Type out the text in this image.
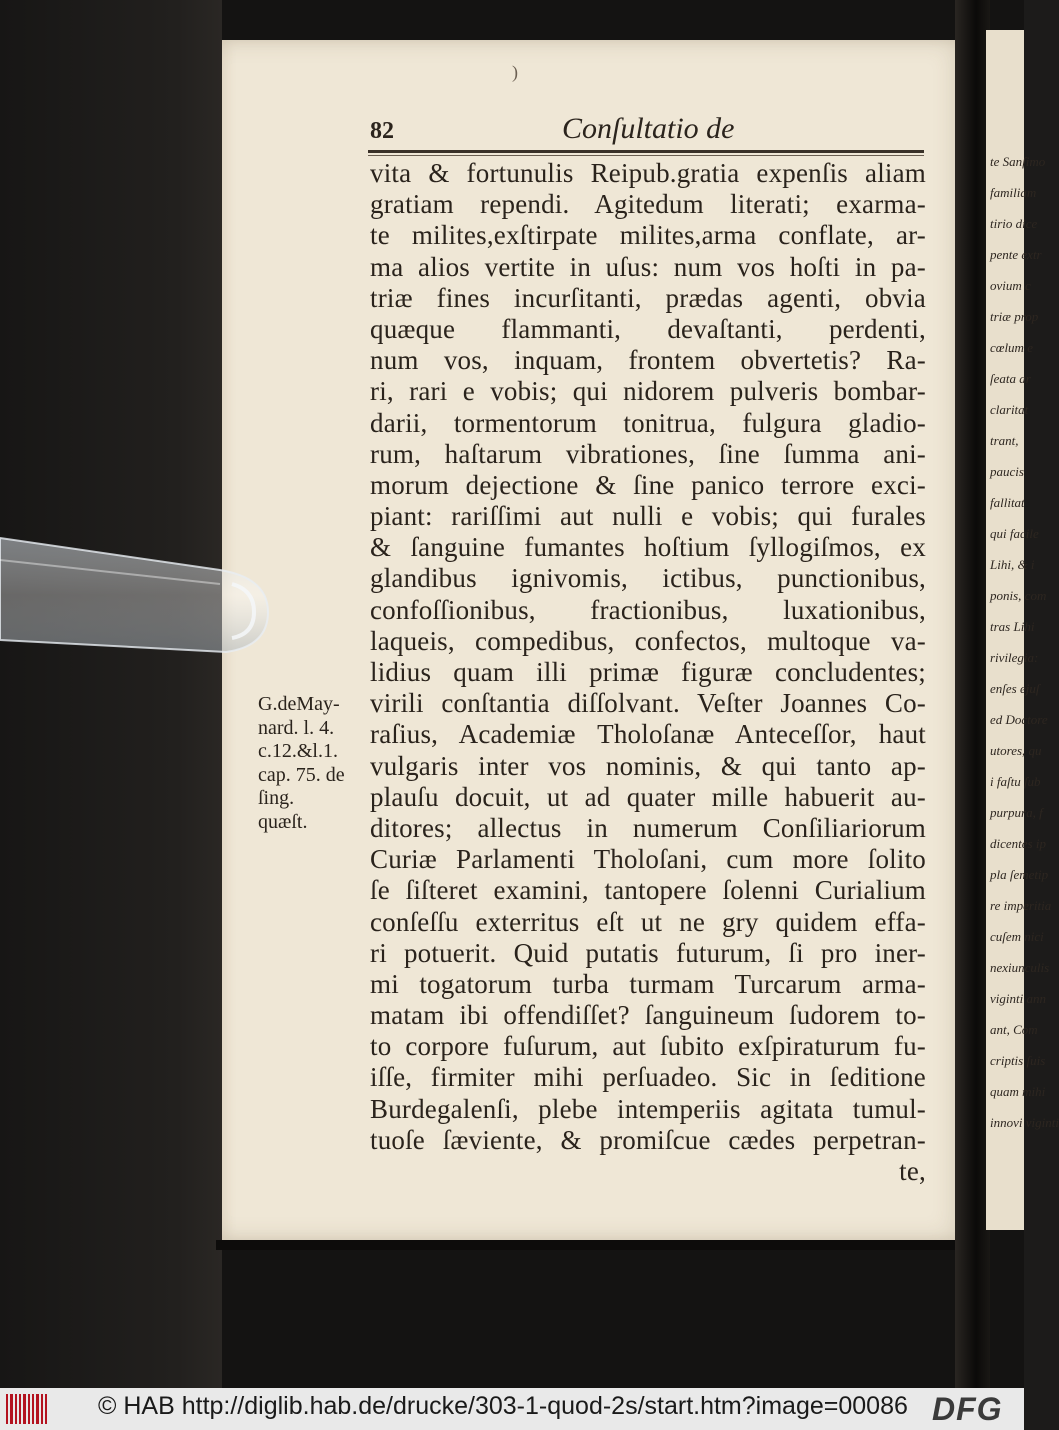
te Sanſimo
familiam
tirio dice
pente extr
ovium c
triæ prop
cœlum e
ſeata ar
claritat
trant,
paucis
fallitat
qui facile
Lihi, & i
ponis, com
tras Lihi
rivilegia:
enſes ejuſ
ed Doctore
utores, qu
i faſtu ſub
purpura, f
dicentes ip
pla ſemetip
re imperitia
cuſem nici
nexiunculis
viginti ann
ant, Com
criptis ſuis
quam mihi
innovi viginti
)
82	Conſultatio de
vita & fortunulis Reipub.gratia expenſis aliam
gratiam rependi. Agitedum literati; exarma-
te milites,exſtirpate milites,arma conflate, ar-
ma alios vertite in uſus: num vos hoſti in pa-
triæ fines incurſitanti, prædas agenti, obvia
quæque flammanti, devaſtanti, perdenti,
num vos, inquam, frontem obvertetis? Ra-
ri, rari e vobis; qui nidorem pulveris bombar-
darii, tormentorum tonitrua, fulgura gladio-
rum, haſtarum vibrationes, ſine ſumma ani-
morum dejectione & ſine panico terrore exci-
piant: rariſſimi aut nulli e vobis; qui furales
& ſanguine fumantes hoſtium ſyllogiſmos, ex
glandibus ignivomis, ictibus, punctionibus,
confoſſionibus, fractionibus, luxationibus,
laqueis, compedibus, confectos, multoque va-
lidius quam illi primæ figuræ concludentes;
virili conſtantia diſſolvant. Veſter Joannes Co-
raſius, Academiæ Tholoſanæ Anteceſſor, haut
vulgaris inter vos nominis, & qui tanto ap-
plauſu docuit, ut ad quater mille habuerit au-
ditores; allectus in numerum Conſiliariorum
Curiæ Parlamenti Tholoſani, cum more ſolito
ſe ſiſteret examini, tantopere ſolenni Curialium
conſeſſu exterritus eſt ut ne gry quidem effa-
ri potuerit. Quid putatis futurum, ſi pro iner-
mi togatorum turba turmam Turcarum arma-
matam ibi offendiſſet? ſanguineum ſudorem to-
to corpore fuſurum, aut ſubito exſpiraturum fu-
iſſe, firmiter mihi perſuadeo. Sic in ſeditione
Burdegalenſi, plebe intemperiis agitata tumul-
tuoſe ſæviente, & promiſcue cædes perpetran-
te,
G.deMay-
nard. l. 4.
c.12.&l.1.
cap. 75. de
ſing.
quæſt.
© HAB http://diglib.hab.de/drucke/303-1-quod-2s/start.htm?image=00086 DFG
